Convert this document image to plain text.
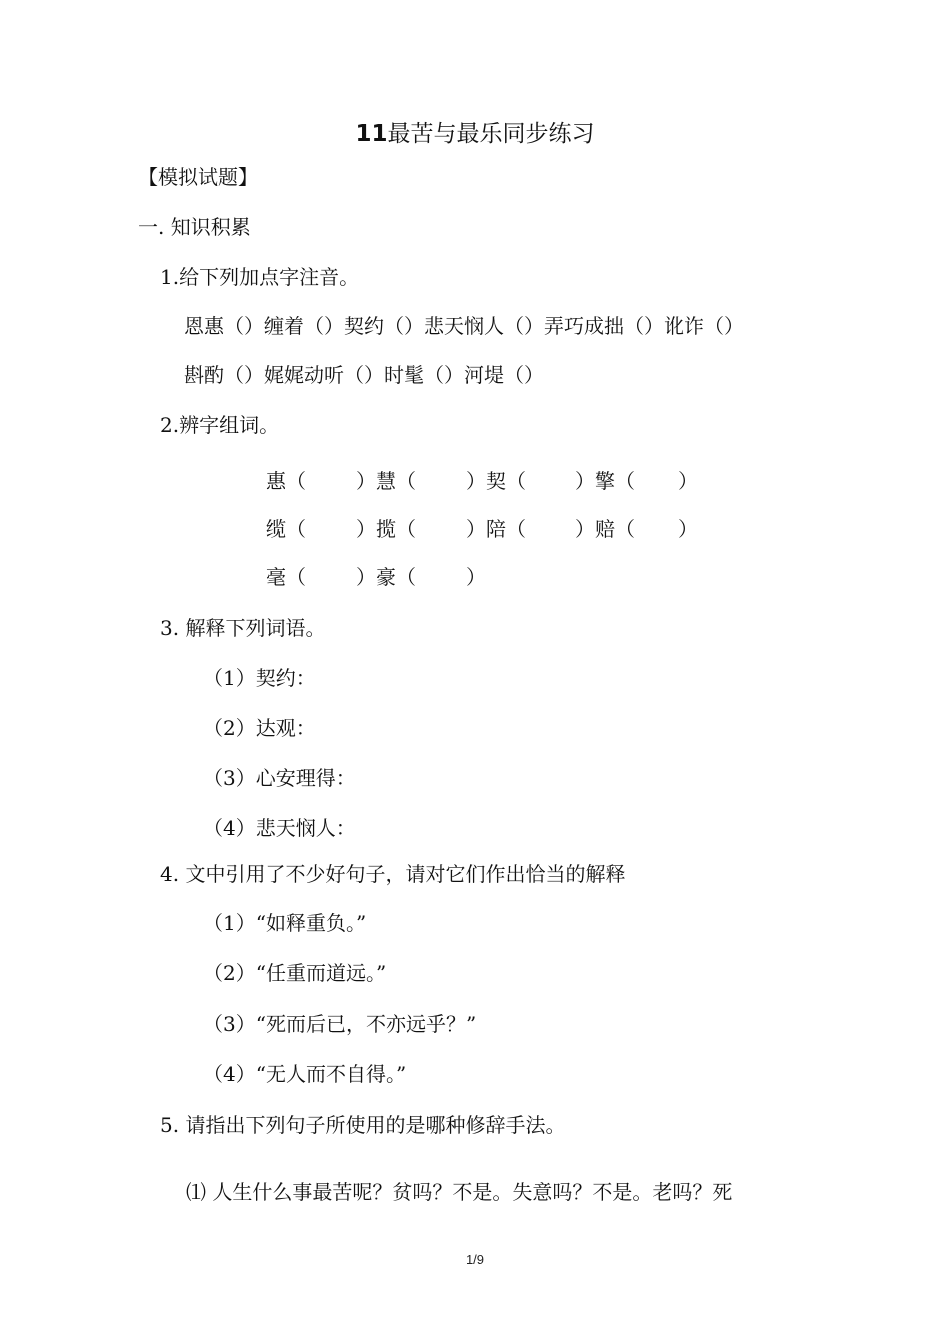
11最苦与最乐同步练习
【模拟试题】
一. 知识积累
1.给下列加点字注音。
恩惠（）缠着（）契约（）悲天悯人（）弄巧成拙（）讹诈（）
斟酌（）娓娓动听（）时髦（）河堤（）
2.辨字组词。
惠（	）慧（	）契（ ）擎（ ）
缆（	）揽（	）陪（ ）赔（ ）
毫（	）豪（	）
3. 解释下列词语。
（1）契约：
（2）达观：
（3）心安理得：
（4）悲天悯人：
4. 文中引用了不少好句子，请对它们作出恰当的解释
（1）“如释重负。”
（2）“任重而道远。”
（3）“死而后已，不亦远乎？”
（4）“无人而不自得。”
5. 请指出下列句子所使用的是哪种修辞手法。
⑴ 人生什么事最苦呢？贫吗？不是。失意吗？不是。老吗？死
1/9
